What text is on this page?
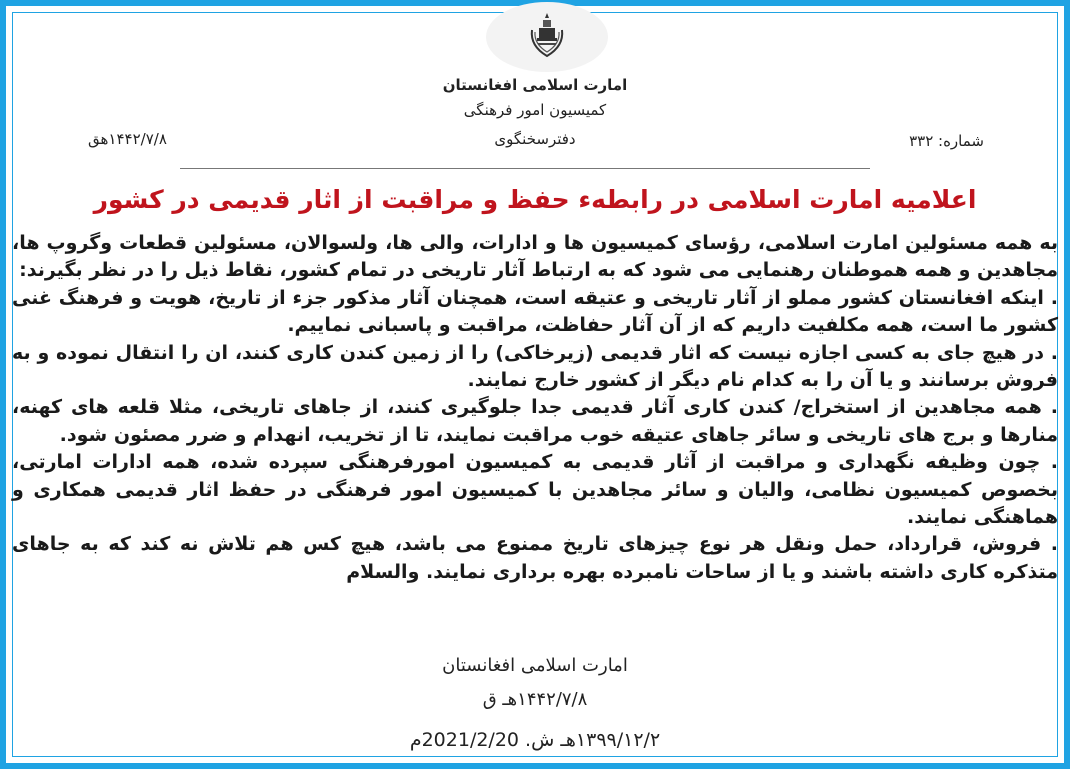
امارت اسلامی افغانستان
کمیسیون امور فرهنگی
دفترسخنگوی	شماره: ۳۳۲
۱۴۴۲/۷/۸هق
اعلامیه امارت اسلامی در رابطهء حفظ و مراقبت از اثار قدیمی در کشور

به همه مسئولین امارت اسلامی، رؤسای کمیسیون ها و ادارات، والی ها، ولسوالان، مسئولین قطعات وگروپ ها، مجاهدین و همه هموطنان رهنمایی می شود که به ارتباط آثار تاریخی در تمام کشور، نقاط ذیل را در نظر بگیرند:

. اینکه افغانستان کشور مملو از آثار تاریخی و عتیقه است، همچنان آثار مذکور جزء از تاریخ، هویت و فرهنگ غنی کشور ما است، همه مکلفیت داریم که از آن آثار حفاظت، مراقبت و پاسبانی نماییم.

. در هیچ جای به کسی اجازه نیست که اثار قدیمی (زیرخاکی) را از زمین کندن کاری کنند، ان را انتقال نموده و به فروش برسانند و یا آن را به کدام نام دیگر از کشور خارج نمایند.

. همه مجاهدین از استخراج/ کندن کاری آثار قدیمی جدا جلوگیری کنند، از جاهای تاریخی، مثلا قلعه های کهنه، منارها و برج های تاریخی و سائر جاهای عتیقه خوب مراقبت نمایند، تا از تخریب، انهدام و ضرر مصئون شود.

. چون وظیفه نگهداری و مراقبت از آثار قدیمی به کمیسیون امورفرهنگی سپرده شده، همه ادارات امارتی، بخصوص کمیسیون نظامی، والیان و سائر مجاهدین با کمیسیون امور فرهنگی در حفظ اثار قدیمی همکاری و هماهنگی نمایند.

. فروش، قرارداد، حمل ونقل هر نوع چیزهای تاریخ ممنوع می باشد، هیچ کس هم تلاش نه کند که به جاهای متذکره کاری داشته باشند و یا از ساحات نامبرده بهره برداری نمایند. والسلام

امارت اسلامی افغانستان
۱۴۴۲/۷/۸هـ ق
۱۳۹۹/۱۲/۲هـ ش. 2021/2/20م
